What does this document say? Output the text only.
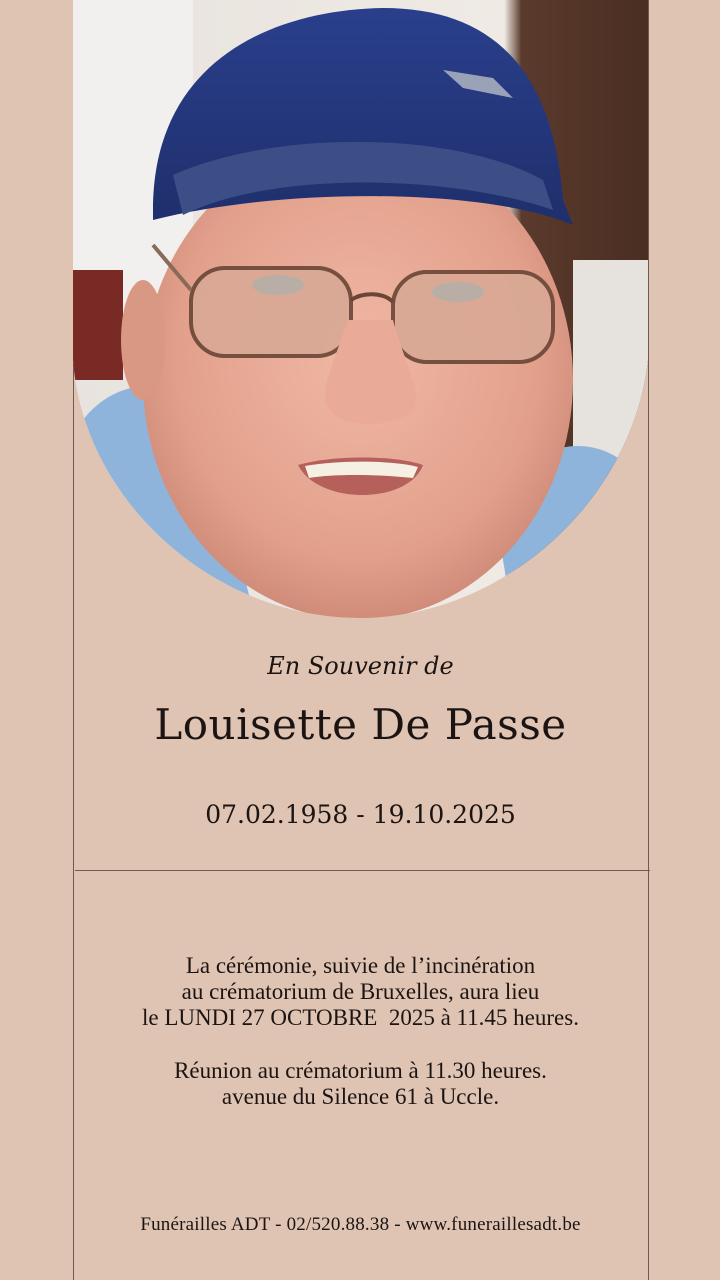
En Souvenir de
Louisette De Passe
07.02.1958 - 19.10.2025
La cérémonie, suivie de l’incinération
au crématorium de Bruxelles, aura lieu
le LUNDI 27 OCTOBRE  2025 à 11.45 heures.
Réunion au crématorium à 11.30 heures.
avenue du Silence 61 à Uccle.
Funérailles ADT - 02/520.88.38 - www.funeraillesadt.be
